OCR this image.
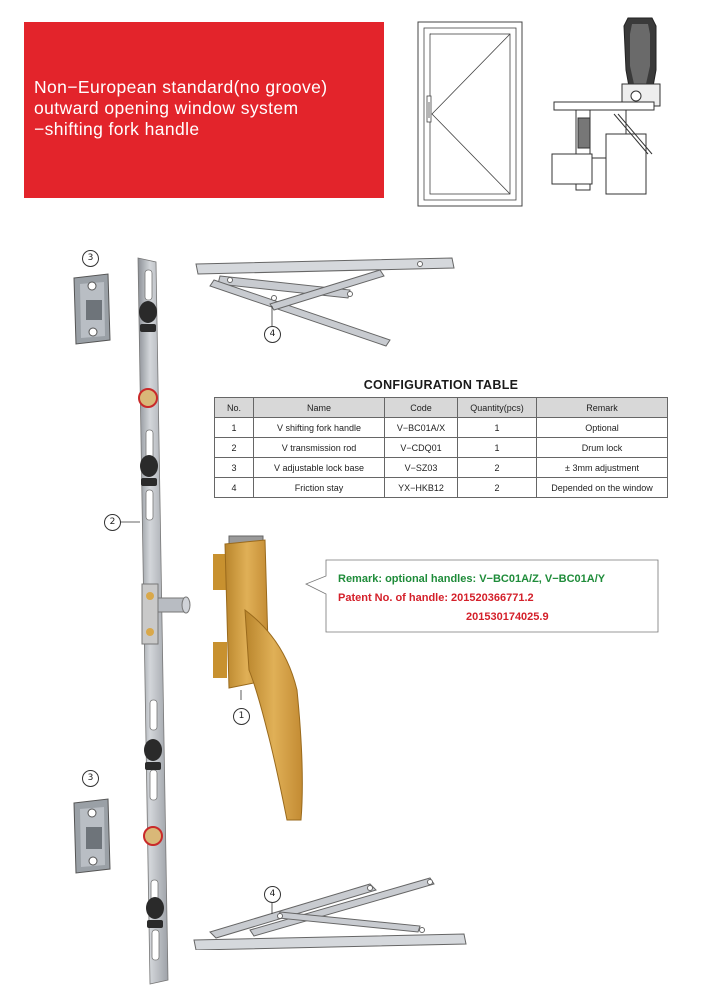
Non−European standard(no groove)
outward opening window system
−shifting fork handle
3
3
2
1
4
4
CONFIGURATION TABLE
No.	Name	Code	Quantity(pcs)	Remark
1	V shifting fork handle	V−BC01A/X	1	Optional
2	V transmission rod	V−CDQ01	1	Drum lock
3	V adjustable lock base	V−SZ03	2	± 3mm adjustment
4	Friction stay	YX−HKB12	2	Depended on the window
Remark: optional handles: V−BC01A/Z, V−BC01A/Y
Patent No. of handle: 201520366771.2
201530174025.9
